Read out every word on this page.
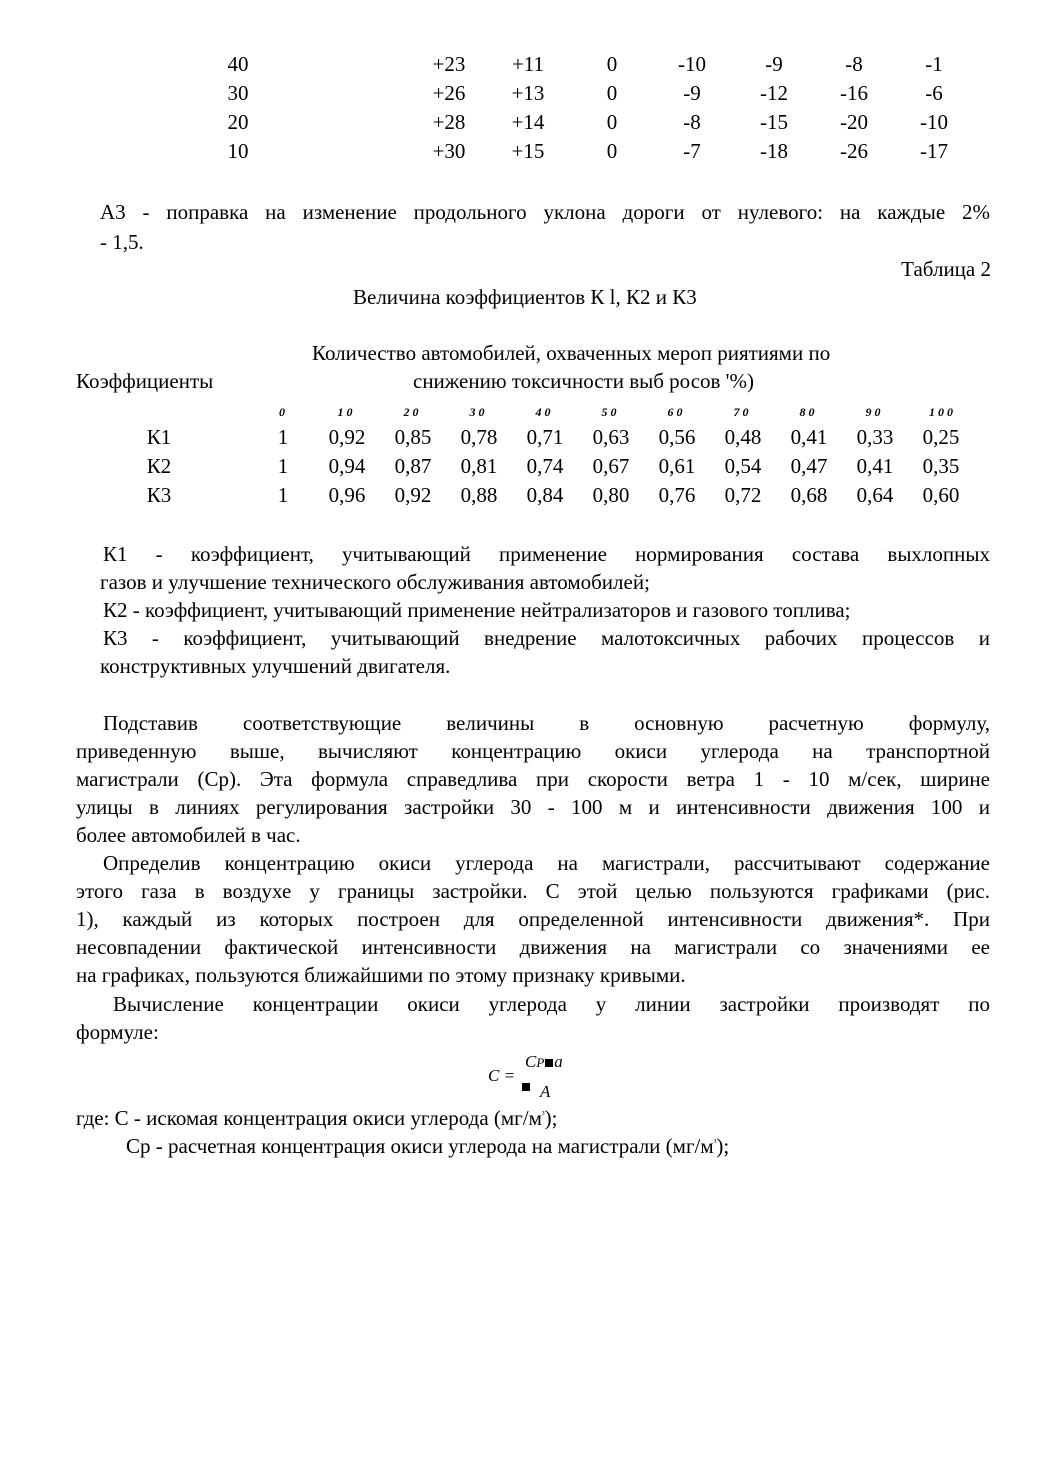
40	+23	+11	0	-10	-9	-8	-1
30	+26	+13	0	-9	-12	-16	-6
20	+28	+14	0	-8	-15	-20	-10
10	+30	+15	0	-7	-18	-26	-17
А3 - поправка на изменение продольного уклона дороги от нулевого: на каждые 2%
- 1,5.
Таблица 2
Величина коэффициентов К l, К2 и К3
Количество автомобилей, охваченных мероп риятиями по
снижению токсичности выб росов '%)
Коэффициенты
0	1 0	2 0	3 0	4 0	5 0	6 0	7 0	8 0	9 0	1 0 0
К1	1	0,92	0,85	0,78	0,71	0,63	0,56	0,48	0,41	0,33	0,25
К2	1	0,94	0,87	0,81	0,74	0,67	0,61	0,54	0,47	0,41	0,35
К3	1	0,96	0,92	0,88	0,84	0,80	0,76	0,72	0,68	0,64	0,60
К1 - коэффициент, учитывающий применение нормирования состава выхлопных
газов и улучшение технического обслуживания автомобилей;
К2 - коэффициент, учитывающий применение нейтрализаторов и газового топлива;
К3 - коэффициент, учитывающий внедрение малотоксичных рабочих процессов и
конструктивных улучшений двигателя.
Подставив соответствующие величины в основную расчетную формулу,
приведенную выше, вычисляют концентрацию окиси углерода на транспортной
магистрали (Ср). Эта формула справедлива при скорости ветра 1 - 10 м/сек, ширине
улицы в линиях регулирования застройки 30 - 100 м и интенсивности движения 100 и
более автомобилей в час.
Определив концентрацию окиси углерода на магистрали, рассчитывают содержание
этого газа в воздухе у границы застройки. С этой целью пользуются графиками (рис.
1), каждый из которых построен для определенной интенсивности движения*. При
несовпадении фактической интенсивности движения на магистрали со значениями ее
на графиках, пользуются ближайшими по этому признаку кривыми.
Вычисление концентрации окиси углерода у линии застройки производят по
формуле:
C =
CP a
A
где: С - искомая концентрация окиси углерода $(мг/м^{^3})$;
Ср - расчетная концентрация окиси углерода на магистрали $(мг/м^{^3})$;
